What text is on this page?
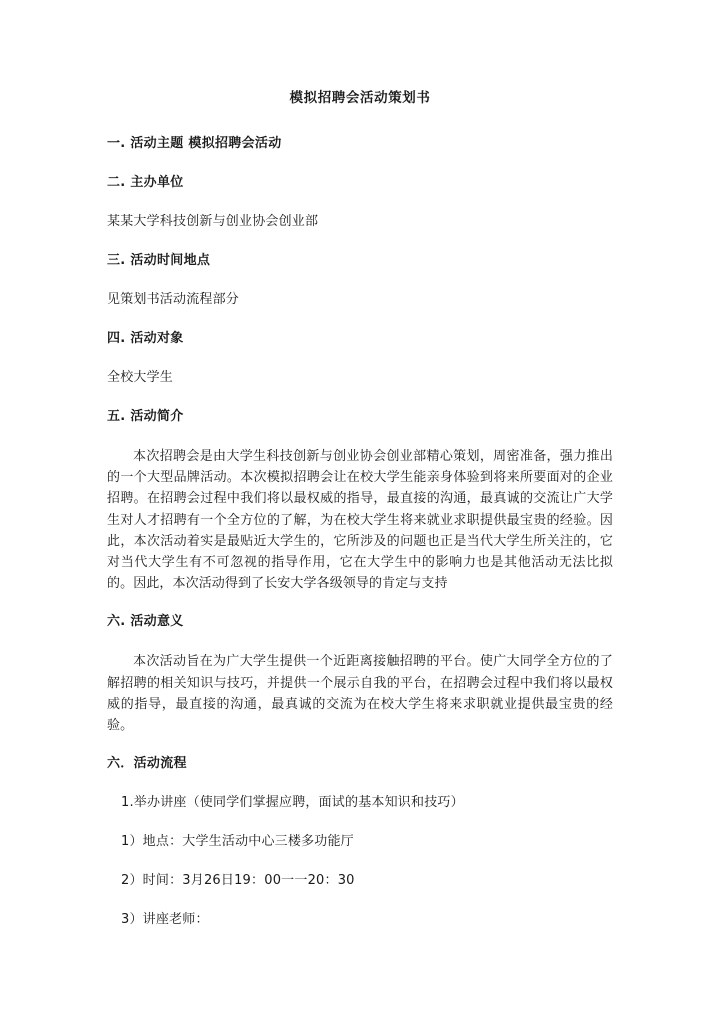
模拟招聘会活动策划书
一. 活动主题 模拟招聘会活动
二. 主办单位
某某大学科技创新与创业协会创业部
三. 活动时间地点
见策划书活动流程部分
四. 活动对象
全校大学生
五. 活动简介

本次招聘会是由大学生科技创新与创业协会创业部精心策划，周密准备，强力推出的一个大型品牌活动。本次模拟招聘会让在校大学生能亲身体验到将来所要面对的企业招聘。在招聘会过程中我们将以最权威的指导，最直接的沟通，最真诚的交流让广大学生对人才招聘有一个全方位的了解，为在校大学生将来就业求职提供最宝贵的经验。因此，本次活动着实是最贴近大学生的，它所涉及的问题也正是当代大学生所关注的，它对当代大学生有不可忽视的指导作用，它在大学生中的影响力也是其他活动无法比拟的。因此，本次活动得到了长安大学各级领导的肯定与支持

六. 活动意义

本次活动旨在为广大学生提供一个近距离接触招聘的平台。使广大同学全方位的了解招聘的相关知识与技巧，并提供一个展示自我的平台，在招聘会过程中我们将以最权威的指导，最直接的沟通，最真诚的交流为在校大学生将来求职就业提供最宝贵的经验。

六．活动流程
1.举办讲座（使同学们掌握应聘，面试的基本知识和技巧）
1）地点：大学生活动中心三楼多功能厅
2）时间：3月26日19：00一一20：30
3）讲座老师：
